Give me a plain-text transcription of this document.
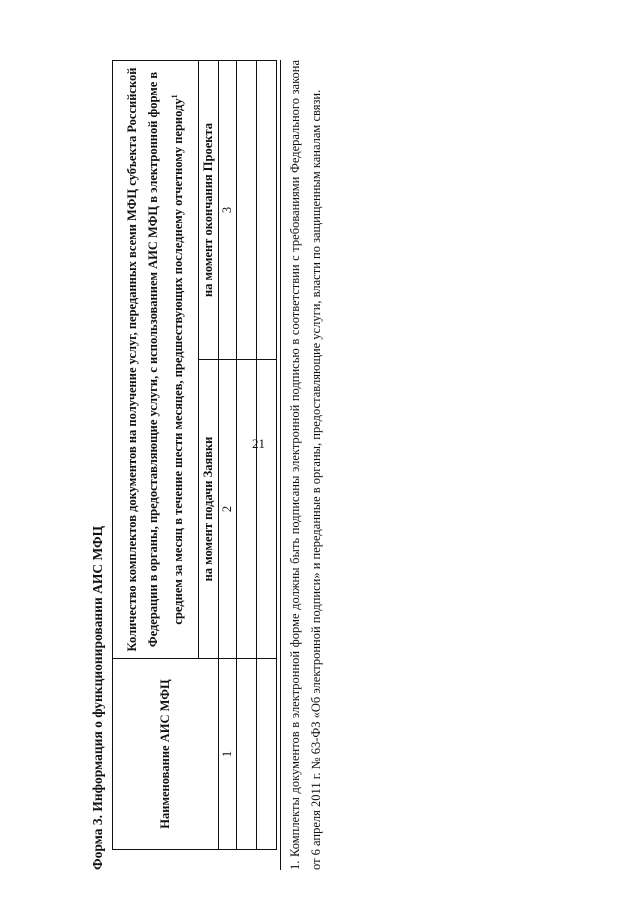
21
Форма 3. Информация о функционировании АИС МФЦ	Наименование АИС МФЦ	Количество комплектов документов на получение услуг, переданных всеми МФЦ субъекта Российской Федерации в органы, предоставляющие услуги, с использованием АИС МФЦ в электронной форме в среднем за месяц в течение шести месяцев, предшествующих последнему отчетному периоду$^1$
	на момент подачи Заявки	на момент окончания Проекта
1	2	3

			1. Комплекты документов в электронной форме должны быть подписаны электронной подписью в соответствии с требованиями Федерального закона от 6 апреля 2011 г. № 63-ФЗ «Об электронной подписи» и переданные в органы, предоставляющие услуги, власти по защищенным каналам связи.
